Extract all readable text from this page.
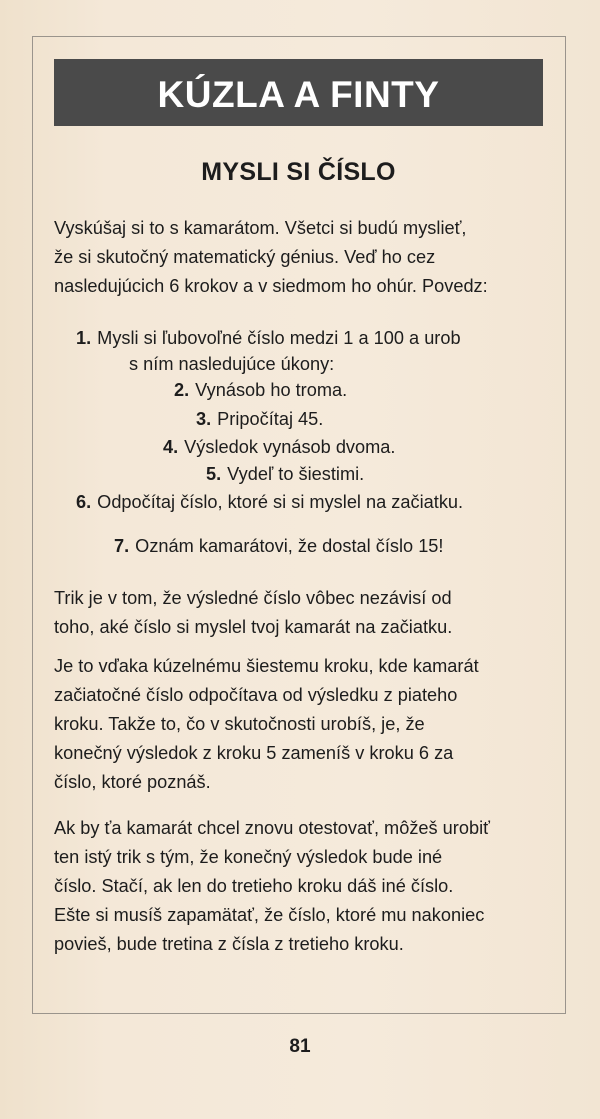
KÚZLA A FINTY
MYSLI SI ČÍSLO
Vyskúšaj si to s kamarátom. Všetci si budú myslieť,
že si skutočný matematický génius. Veď ho cez
nasledujúcich 6 krokov a v siedmom ho ohúr. Povedz:
1. Mysli si ľubovoľné číslo medzi 1 a 100 a urob
s ním nasledujúce úkony:
2. Vynásob ho troma.
3. Pripočítaj 45.
4. Výsledok vynásob dvoma.
5. Vydeľ to šiestimi.
6. Odpočítaj číslo, ktoré si si myslel na začiatku.
7. Oznám kamarátovi, že dostal číslo 15!
Trik je v tom, že výsledné číslo vôbec nezávisí od
toho, aké číslo si myslel tvoj kamarát na začiatku.
Je to vďaka kúzelnému šiestemu kroku, kde kamarát
začiatočné číslo odpočítava od výsledku z piateho
kroku. Takže to, čo v skutočnosti urobíš, je, že
konečný výsledok z kroku 5 zameníš v kroku 6 za
číslo, ktoré poznáš.
Ak by ťa kamarát chcel znovu otestovať, môžeš urobiť
ten istý trik s tým, že konečný výsledok bude iné
číslo. Stačí, ak len do tretieho kroku dáš iné číslo.
Ešte si musíš zapamätať, že číslo, ktoré mu nakoniec
povieš, bude tretina z čísla z tretieho kroku.
81
